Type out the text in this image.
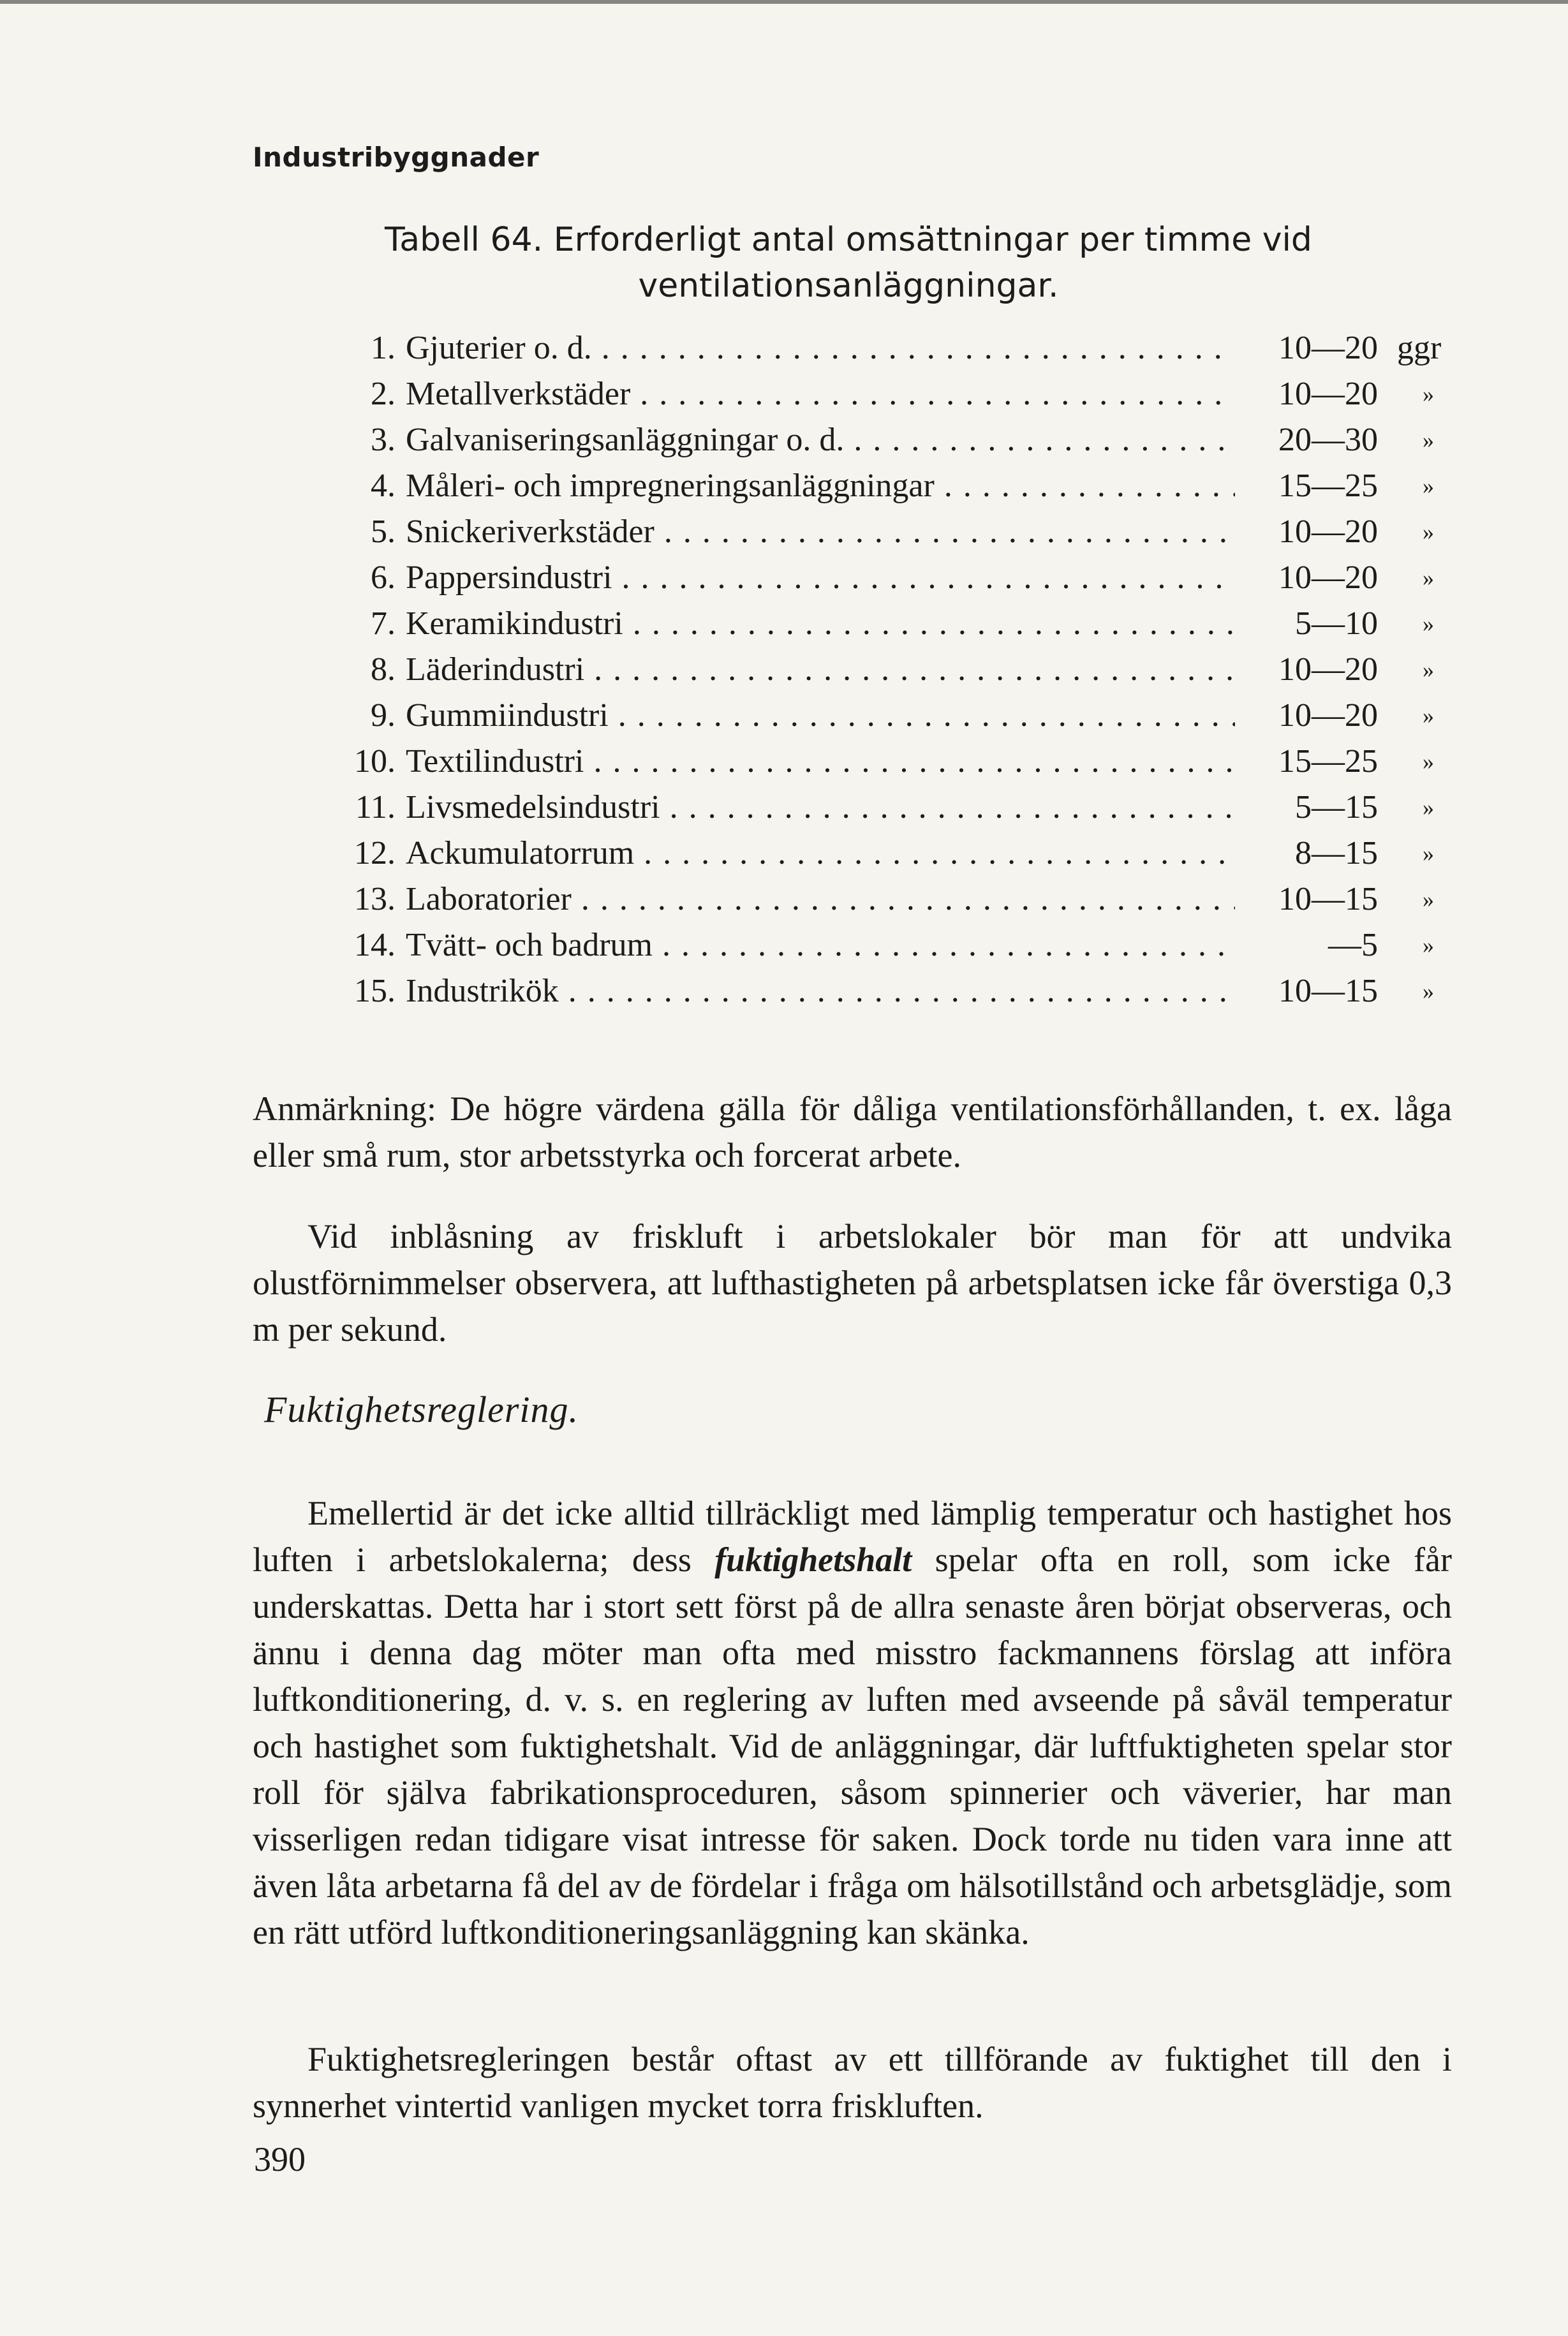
Industribyggnader
Tabell 64. Erforderligt antal omsättningar per timme vid
ventilationsanläggningar.
1. Gjuterier o. d. . . .	10—20 ggr
2. Metallverkstäder . . .	10—20 »
3. Galvaniseringsanläggningar o. d. . . .	20—30 »
4. Måleri- och impregneringsanläggningar . . .	15—25 »
5. Snickeriverkstäder . . .	10—20 »
6. Pappersindustri . . .	10—20 »
7. Keramikindustri . . .	5—10 »
8. Läderindustri . . .	10—20 »
9. Gummiindustri . . .	10—20 »
10. Textilindustri . . .	15—25 »
11. Livsmedelsindustri . . .	5—15 »
12. Ackumulatorrum . . .	8—15 »
13. Laboratorier . . .	10—15 »
14. Tvätt- och badrum . . .	—5 »
15. Industrikök . . .	10—15 »

Anmärkning: De högre värdena gälla för dåliga ventilationsförhållanden, t. ex. låga eller små rum, stor arbetsstyrka och forcerat arbete.

Vid inblåsning av friskluft i arbetslokaler bör man för att undvika olustförnimmelser observera, att lufthastigheten på arbetsplatsen icke får överstiga 0,3 m per sekund.

Fuktighetsreglering.

Emellertid är det icke alltid tillräckligt med lämplig temperatur och hastighet hos luften i arbetslokalerna; dess fuktighetshalt spelar ofta en roll, som icke får underskattas. Detta har i stort sett först på de allra senaste åren börjat observeras, och ännu i denna dag möter man ofta med misstro fackmannens förslag att införa luftkonditionering, d. v. s. en reglering av luften med avseende på såväl temperatur och hastighet som fuktighetshalt. Vid de anläggningar, där luftfuktigheten spelar stor roll för själva fabrikationsproceduren, såsom spinnerier och väverier, har man visserligen redan tidigare visat intresse för saken. Dock torde nu tiden vara inne att även låta arbetarna få del av de fördelar i fråga om hälsotillstånd och arbetsglädje, som en rätt utförd luftkonditioneringsanläggning kan skänka.

Fuktighetsregleringen består oftast av ett tillförande av fuktighet till den i synnerhet vintertid vanligen mycket torra friskluften.

390
